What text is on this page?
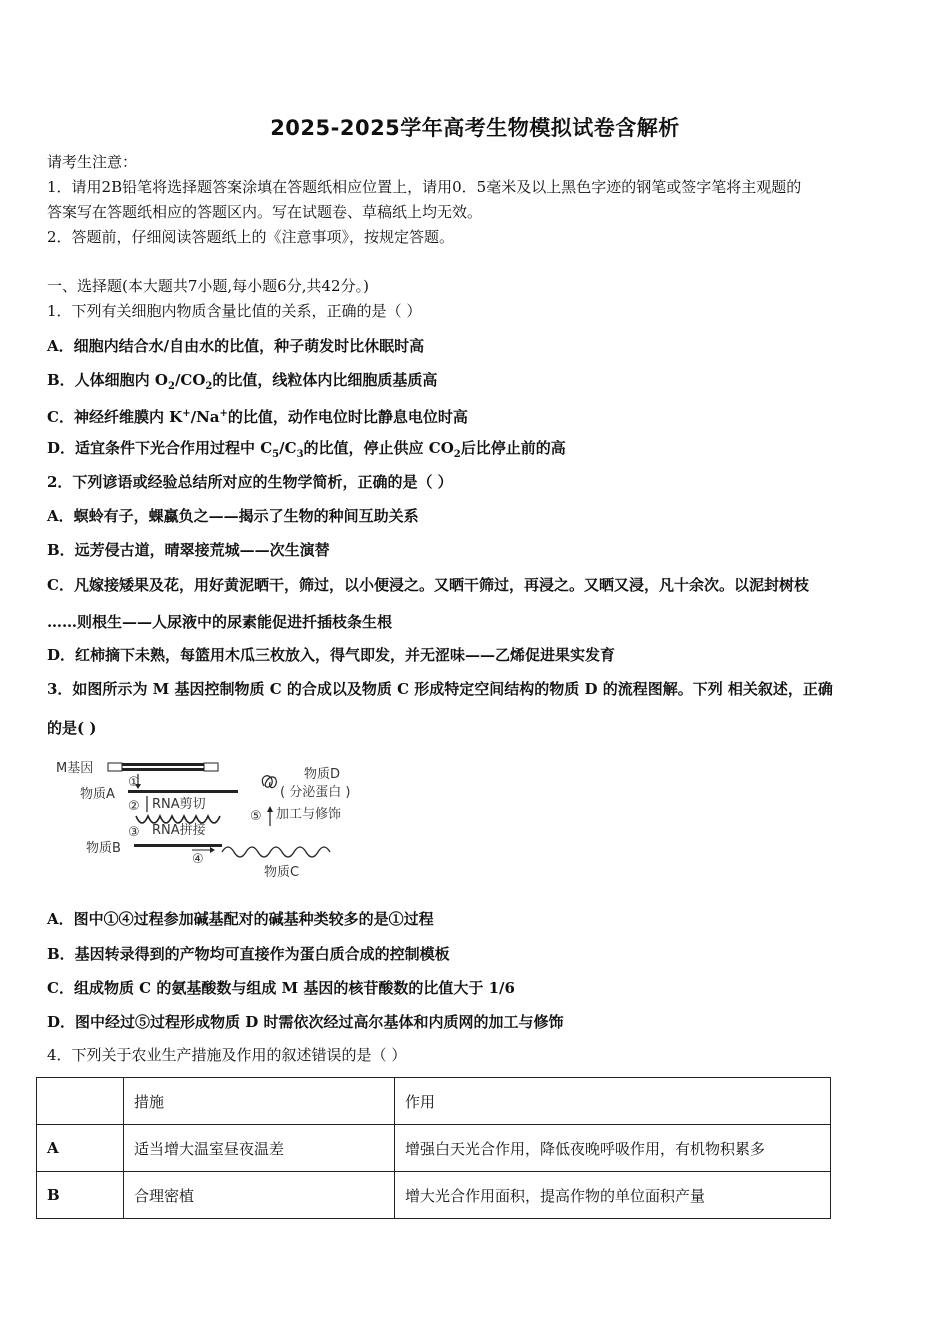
2025-2025学年高考生物模拟试卷含解析
请考生注意：
1．请用2B铅笔将选择题答案涂填在答题纸相应位置上，请用0．5毫米及以上黑色字迹的钢笔或签字笔将主观题的
答案写在答题纸相应的答题区内。写在试题卷、草稿纸上均无效。
2．答题前，仔细阅读答题纸上的《注意事项》，按规定答题。
一、选择题(本大题共7小题,每小题6分,共42分。)
1．下列有关细胞内物质含量比值的关系，正确的是（ ）
A．细胞内结合水/自由水的比值，种子萌发时比休眠时高
B．人体细胞内 $O_2/CO_2$的比值，线粒体内比细胞质基质高
C．神经纤维膜内 K+/Na+的比值，动作电位时比静息电位时高
D．适宜条件下光合作用过程中 $C_5/C_3$的比值，停止供应 $CO_2$后比停止前的高
2．下列谚语或经验总结所对应的生物学简析，正确的是（ ）
A．螟蛉有子，蜾蠃负之——揭示了生物的种间互助关系
B．远芳侵古道，晴翠接荒城——次生演替
C．凡嫁接矮果及花，用好黄泥晒干，筛过，以小便浸之。又晒干筛过，再浸之。又晒又浸，凡十余次。以泥封树枝
……则根生——人尿液中的尿素能促进扦插枝条生根
D．红柿摘下未熟，每篮用木瓜三枚放入，得气即发，并无涩味——乙烯促进果实发育
3．如图所示为 M 基因控制物质 C 的合成以及物质 C 形成特定空间结构的物质 D 的流程图解。下列 相关叙述，正确
的是( )
M基因
①
物质A
② RNA剪切
③ RNA拼接
物质B
④
物质C
⑤ 加工与修饰
物质D
( 分泌蛋白 )
A．图中①④过程参加碱基配对的碱基种类较多的是①过程
B．基因转录得到的产物均可直接作为蛋白质合成的控制模板
C．组成物质 C 的氨基酸数与组成 M 基因的核苷酸数的比值大于 1/6
D．图中经过⑤过程形成物质 D 时需依次经过高尔基体和内质网的加工与修饰
4．下列关于农业生产措施及作用的叙述错误的是（ ）
	措施	作用
A	适当增大温室昼夜温差	增强白天光合作用，降低夜晚呼吸作用，有机物积累多
B	合理密植	增大光合作用面积，提高作物的单位面积产量
